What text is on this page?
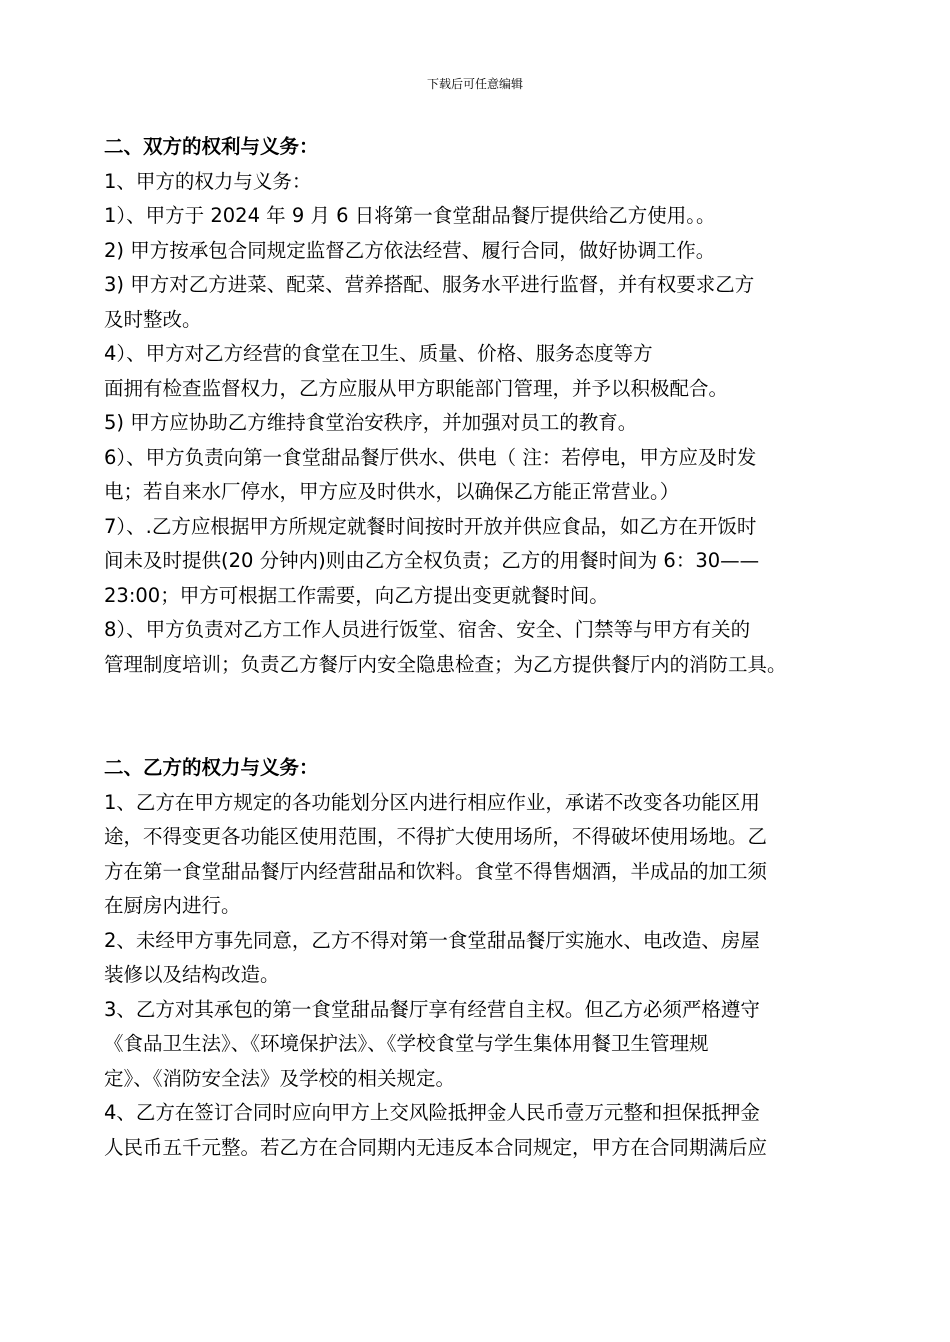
下载后可任意编辑
二、双方的权利与义务：
1、甲方的权力与义务：
1）、甲方于 2024 年 9 月 6 日将第一食堂甜品餐厅提供给乙方使用。。
2) 甲方按承包合同规定监督乙方依法经营、履行合同，做好协调工作。
3) 甲方对乙方进菜、配菜、营养搭配、服务水平进行监督，并有权要求乙方
及时整改。
4）、甲方对乙方经营的食堂在卫生、质量、价格、服务态度等方
面拥有检查监督权力，乙方应服从甲方职能部门管理，并予以积极配合。
5) 甲方应协助乙方维持食堂治安秩序，并加强对员工的教育。
6）、甲方负责向第一食堂甜品餐厅供水、供电（ 注：若停电，甲方应及时发
电；若自来水厂停水，甲方应及时供水，以确保乙方能正常营业。）
7）、.乙方应根据甲方所规定就餐时间按时开放并供应食品，如乙方在开饭时
间未及时提供(20 分钟内)则由乙方全权负责；乙方的用餐时间为 6：30——
23:00；甲方可根据工作需要，向乙方提出变更就餐时间。
8）、甲方负责对乙方工作人员进行饭堂、宿舍、安全、门禁等与甲方有关的
管理制度培训；负责乙方餐厅内安全隐患检查；为乙方提供餐厅内的消防工具。
二、乙方的权力与义务：
1、乙方在甲方规定的各功能划分区内进行相应作业，承诺不改变各功能区用
途，不得变更各功能区使用范围，不得扩大使用场所，不得破坏使用场地。乙
方在第一食堂甜品餐厅内经营甜品和饮料。食堂不得售烟酒，半成品的加工须
在厨房内进行。
2、未经甲方事先同意，乙方不得对第一食堂甜品餐厅实施水、电改造、房屋
装修以及结构改造。
3、乙方对其承包的第一食堂甜品餐厅享有经营自主权。但乙方必须严格遵守
《食品卫生法》、《环境保护法》、《学校食堂与学生集体用餐卫生管理规
定》、《消防安全法》及学校的相关规定。
4、乙方在签订合同时应向甲方上交风险抵押金人民币壹万元整和担保抵押金
人民币五千元整。若乙方在合同期内无违反本合同规定，甲方在合同期满后应
